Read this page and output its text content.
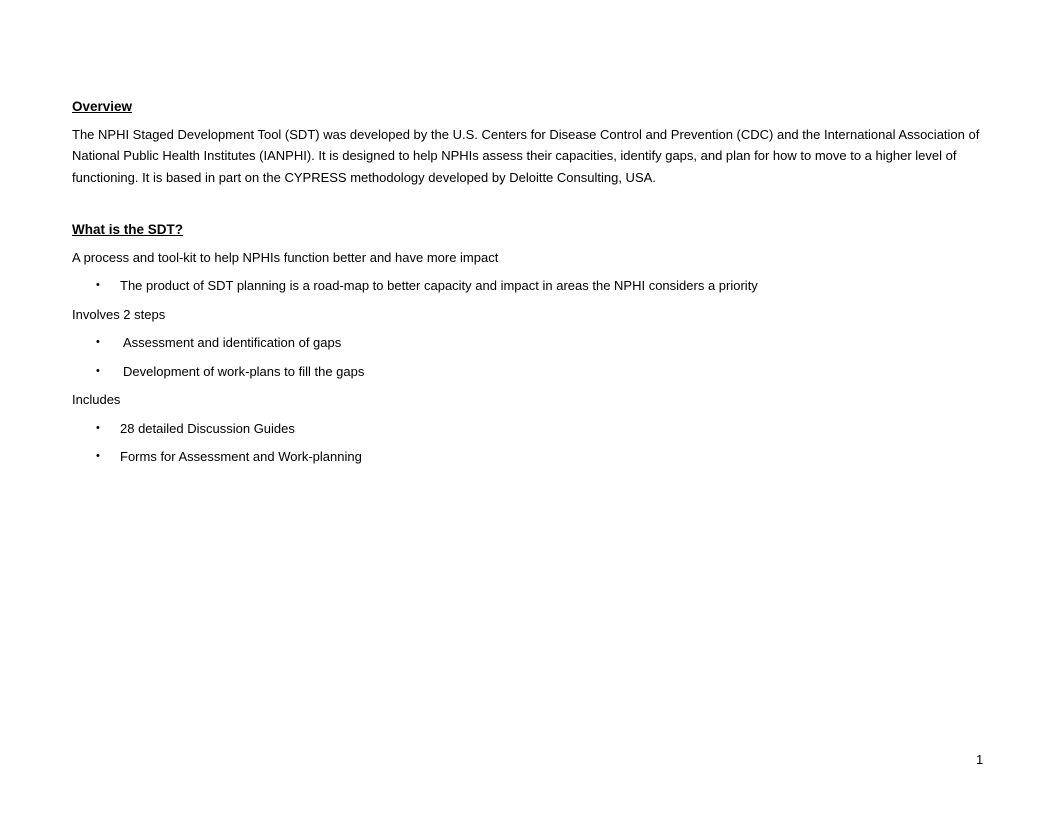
Overview

The NPHI Staged Development Tool (SDT) was developed by the U.S. Centers for Disease Control and Prevention (CDC) and the International Association of National Public Health Institutes (IANPHI). It is designed to help NPHIs assess their capacities, identify gaps, and plan for how to move to a higher level of functioning. It is based in part on the CYPRESS methodology developed by Deloitte Consulting, USA.

What is the SDT?
A process and tool-kit to help NPHIs function better and have more impact
• The product of SDT planning is a road-map to better capacity and impact in areas the NPHI considers a priority
Involves 2 steps
• Assessment and identification of gaps
• Development of work-plans to fill the gaps
Includes
• 28 detailed Discussion Guides
• Forms for Assessment and Work-planning
1
